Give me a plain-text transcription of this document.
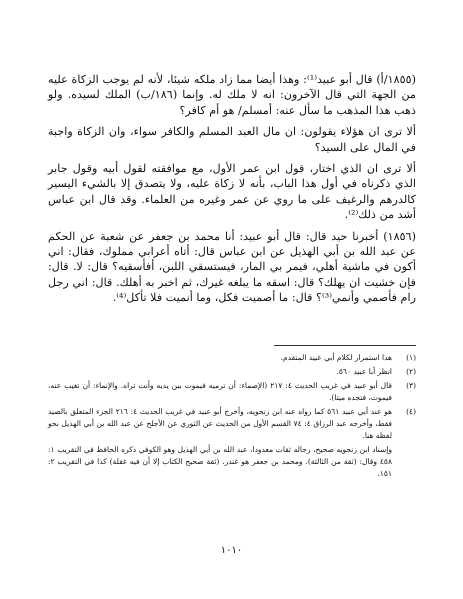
(١٨٥٥/أ) قال أبو عبيد⁽¹⁾: وهذا أيضا مما زاد ملكه شيئا، لأنه لم يوجب الزكاة عليه من الجهة التي قال الآخرون: انه لا ملك له. وإنما (١٨٦/ب) الملك لسيده. ولو ذهب هذا المذهب ما سأل عنه: أمسلم/ هو أم كافر؟

ألا ترى ان هؤلاء يقولون: ان مال العبد المسلم والكافر سواء، وان الزكاة واجبة في المال على السيد؟

ألا ترى ان الذي اختار، قول ابن عمر الأول، مع موافقته لقول أبيه وقول جابر الذي ذكرناه في أول هذا الباب، بأنه لا زكاة عليه، ولا يتصدق إلا بالشيء اليسير كالدرهم والرغيف على ما روي عن عمر وغيره من العلماء. وقد قال ابن عباس أشد من ذلك⁽²⁾.

(١٨٥٦) أخبرنا حيد قال: قال أبو عبيد: أنا محمد بن جعفر عن شعبة عن الحكم عن عبد الله بن أبي الهذيل عن ابن عباس قال: أتاه أعرابي مملوك، فقال: اني أكون في ماشية أهلي، فيمر بي المار، فيستسقي اللبن، أفأسقيه؟ قال: لا. قال: فإن خشيت ان يهلك؟ قال: اسقه ما يبلغه غيرك، ثم اخبر به أهلك. قال: اني رجل رام فأصمي وأنمي⁽³⁾؟ قال: ما أصميت فكل، وما أنميت فلا تأكل⁽⁴⁾.

(١)
هذا استمرار لكلام أبي عبيد المتقدم.
(٢)
انظر أبا عبيد ٥٦٠.
(٣)
قال أبو عبيد في غريب الحديث ٤: ٢١٧ (الإصماء: أن ترميه فيموت بين يديه وأنت تراه. والإنماء: أن تغيب عنه، فيموت، فتجده ميتا).
(٤)
هو عند أبي عبيد ٥٦١ كما رواه عنه ابن زنجويه، وأخرج أبو عبيد في غريب الحديث ٤: ٢١٦ الجزء المتعلق بالصيد فقط، وأخرجه عبد الرزاق ٤: ٧٤ القسم الأول من الحديث عن الثوري عن الأجلح عن عبد الله بن أبي الهذيل نحو لفظه هنا.

وإسناد ابن زنجويه صحيح، رجاله ثقات معدودا، عبد الله بن أبي الهذيل وهو الكوفي ذكره الحافظ في التقريب ١: ٤٥٨ وقال: (ثقة من الثالثة). ومحمد بن جعفر هو غندر. (ثقة صحيح الكتاب إلا أن فيه غفلة) كذا في التقريب ٢: ١٥١.

١٠١٠
